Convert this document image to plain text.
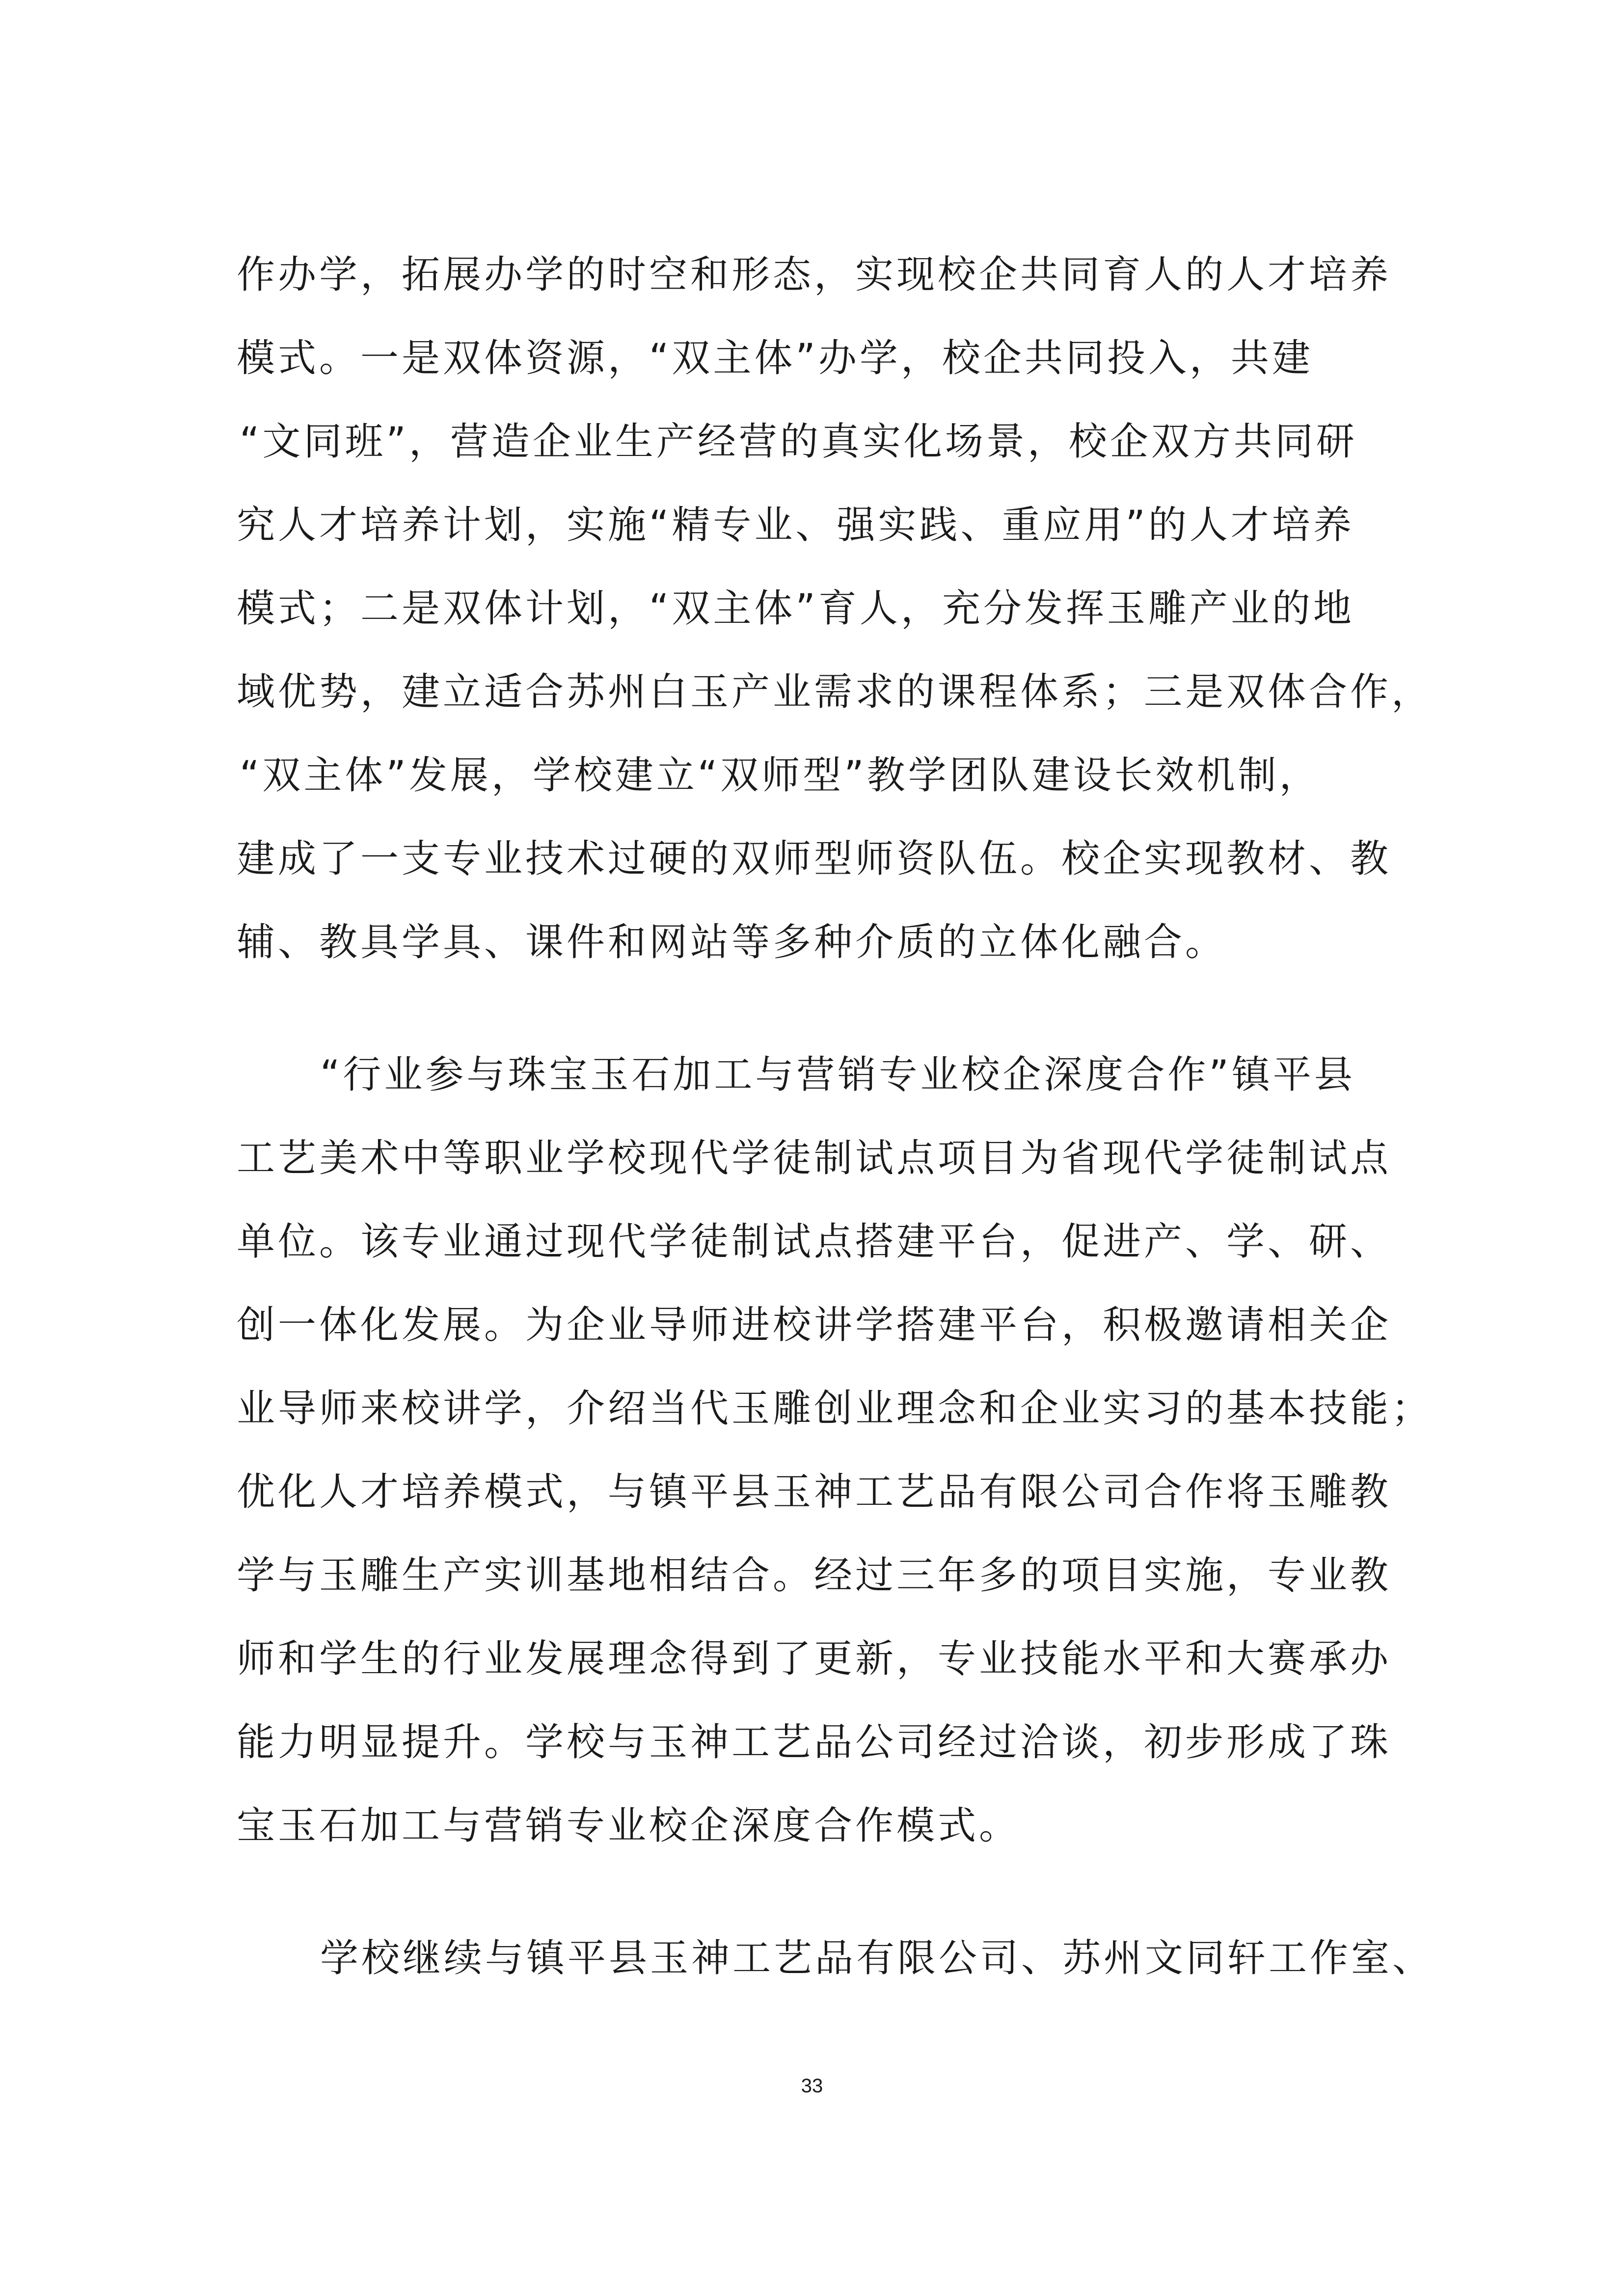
作办学，拓展办学的时空和形态，实现校企共同育人的人才培养
模式。一是双体资源，“双主体”办学，校企共同投入，共建
“文同班”，营造企业生产经营的真实化场景，校企双方共同研
究人才培养计划，实施“精专业、强实践、重应用”的人才培养
模式；二是双体计划，“双主体”育人，充分发挥玉雕产业的地
域优势，建立适合苏州白玉产业需求的课程体系；三是双体合作，
“双主体”发展，学校建立“双师型”教学团队建设长效机制，
建成了一支专业技术过硬的双师型师资队伍。校企实现教材、教
辅、教具学具、课件和网站等多种介质的立体化融合。
“行业参与珠宝玉石加工与营销专业校企深度合作”镇平县
工艺美术中等职业学校现代学徒制试点项目为省现代学徒制试点
单位。该专业通过现代学徒制试点搭建平台，促进产、学、研、
创一体化发展。为企业导师进校讲学搭建平台，积极邀请相关企
业导师来校讲学，介绍当代玉雕创业理念和企业实习的基本技能；
优化人才培养模式，与镇平县玉神工艺品有限公司合作将玉雕教
学与玉雕生产实训基地相结合。经过三年多的项目实施，专业教
师和学生的行业发展理念得到了更新，专业技能水平和大赛承办
能力明显提升。学校与玉神工艺品公司经过洽谈，初步形成了珠
宝玉石加工与营销专业校企深度合作模式。
学校继续与镇平县玉神工艺品有限公司、苏州文同轩工作室、
33
